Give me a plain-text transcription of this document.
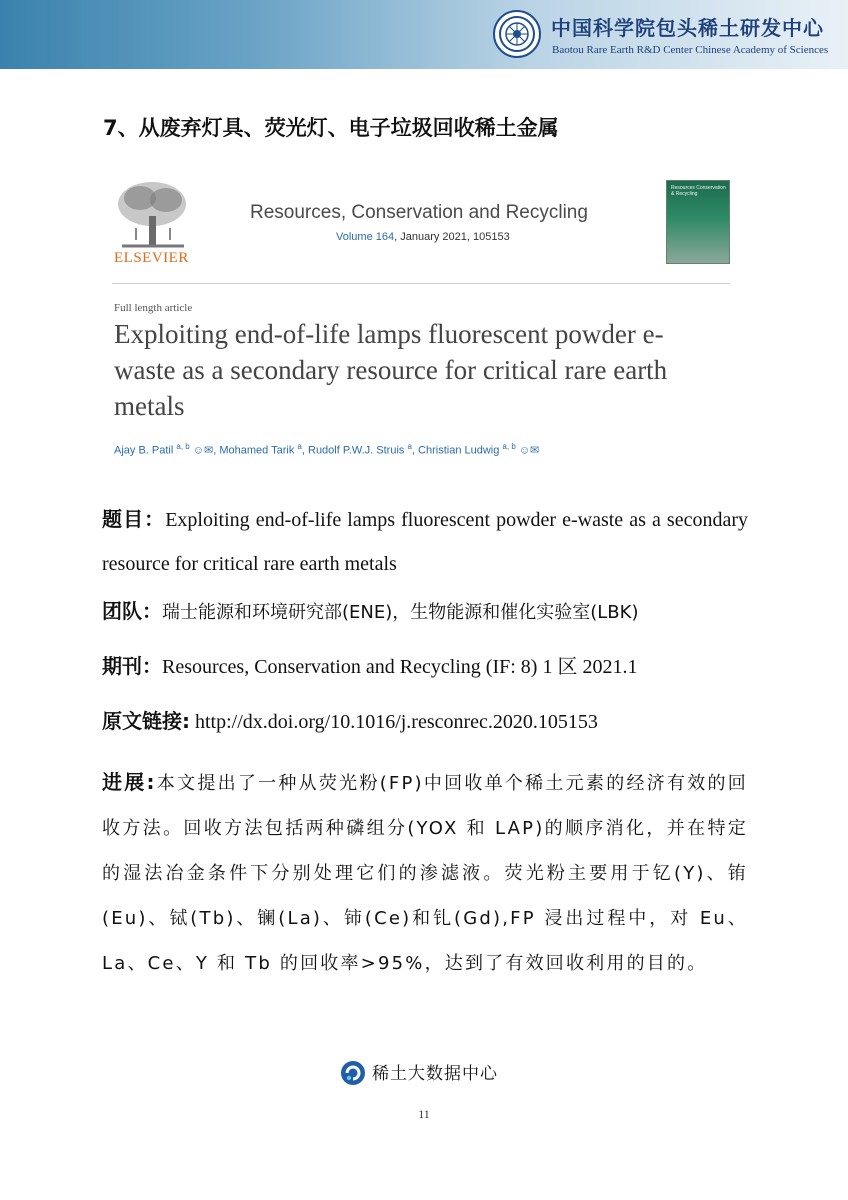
中国科学院包头稀土研发中心
Baotou Rare Earth R&D Center Chinese Academy of Sciences
7、从废弃灯具、荧光灯、电子垃圾回收稀土金属
ELSEVIER
Resources, Conservation and Recycling
Volume 164, January 2021, 105153
Resources Conservation & Recycling
Full length article
Exploiting end-of-life lamps fluorescent powder e-waste as a secondary resource for critical rare earth metals
Ajay B. Patil $^{a, b}$ ☺✉, Mohamed Tarik $^a$, Rudolf P.W.J. Struis $^a$, Christian Ludwig $^{a, b}$ ☺✉
题目：Exploiting end-of-life lamps fluorescent powder e-waste as a secondary resource for critical rare earth metals
团队：瑞士能源和环境研究部(ENE)，生物能源和催化实验室(LBK)
期刊：Resources, Conservation and Recycling (IF: 8) 1 区 2021.1
原文链接: http://dx.doi.org/10.1016/j.resconrec.2020.105153
进展:本文提出了一种从荧光粉(FP)中回收单个稀土元素的经济有效的回收方法。回收方法包括两种磷组分(YOX 和 LAP)的顺序消化，并在特定的湿法冶金条件下分别处理它们的渗滤液。荧光粉主要用于钇(Y)、铕(Eu)、铽(Tb)、镧(La)、铈(Ce)和钆(Gd),FP 浸出过程中，对 Eu、La、Ce、Y 和 Tb 的回收率>95%，达到了有效回收利用的目的。
稀土大数据中心
11
